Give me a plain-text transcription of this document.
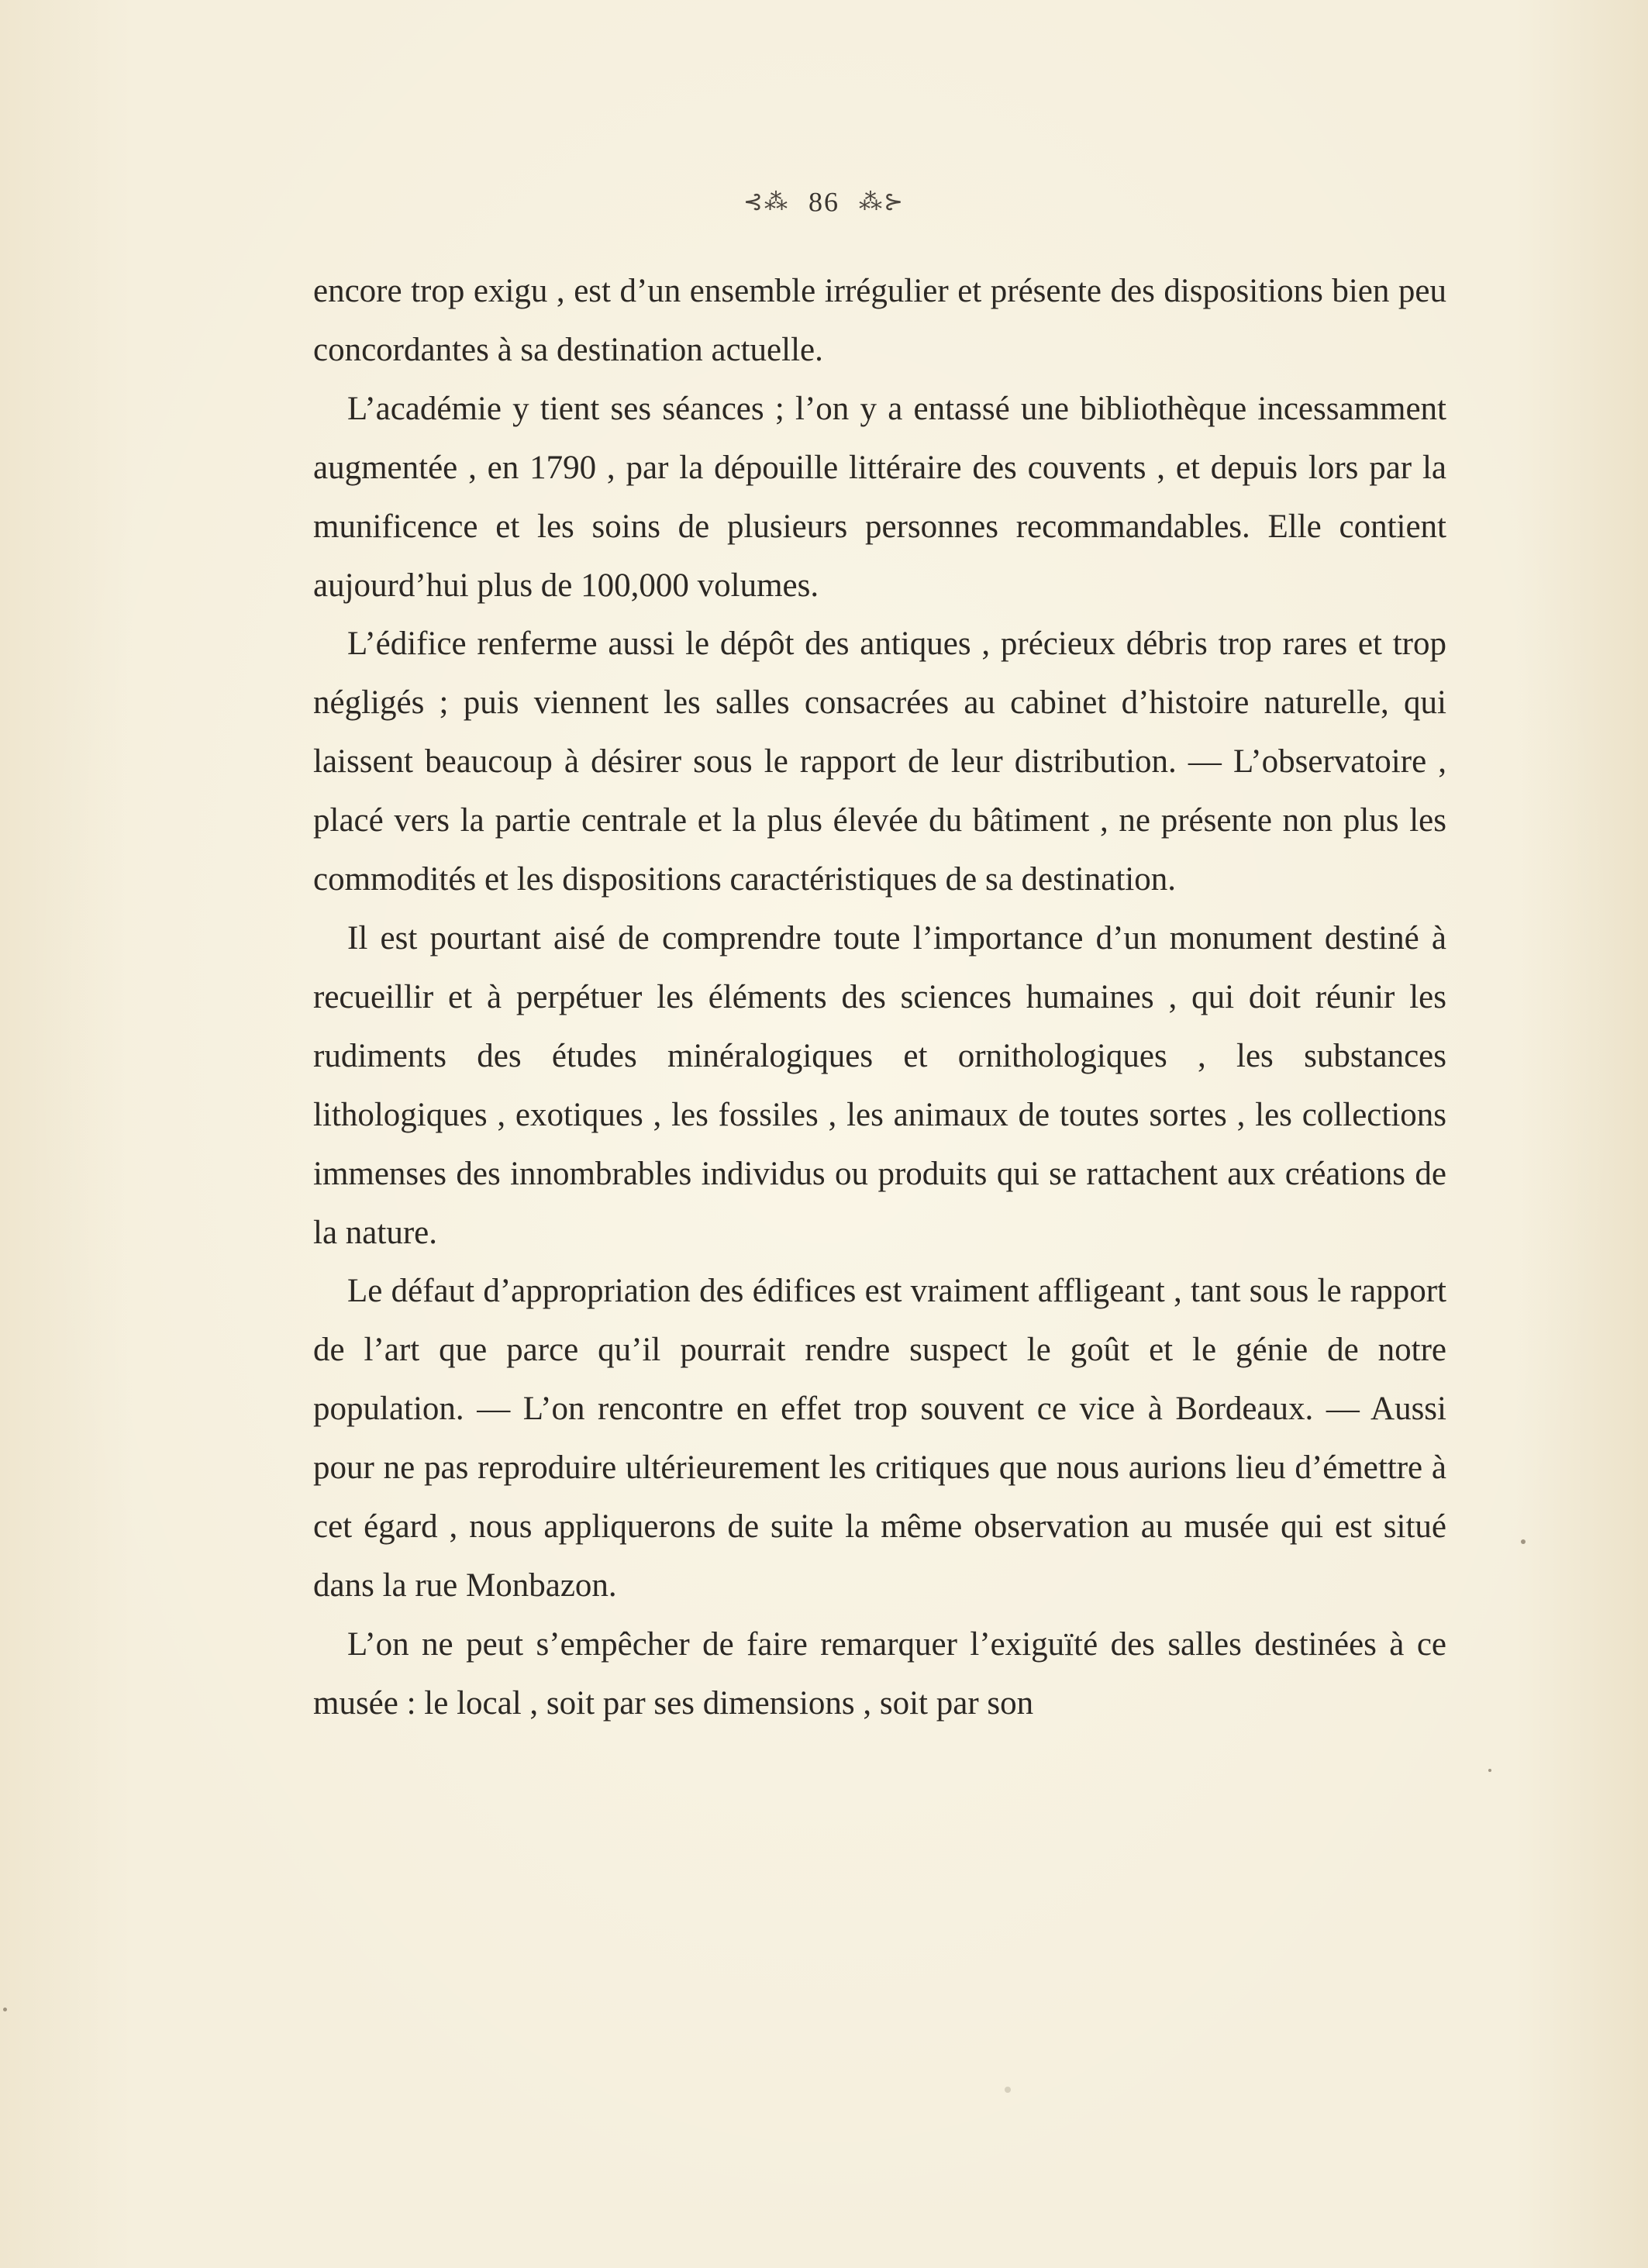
⊰⁂ 86 ⁂⊱

encore trop exigu , est d’un ensemble irrégulier et présente des dispositions bien peu concordantes à sa destination actuelle.

L’académie y tient ses séances ; l’on y a entassé une bibliothèque incessamment augmentée , en 1790 , par la dépouille littéraire des couvents , et depuis lors par la munificence et les soins de plusieurs personnes recommandables. Elle contient aujourd’hui plus de 100,000 volumes.

L’édifice renferme aussi le dépôt des antiques , précieux débris trop rares et trop négligés ; puis viennent les salles consacrées au cabinet d’histoire naturelle, qui laissent beaucoup à désirer sous le rapport de leur distribution. — L’observatoire , placé vers la partie centrale et la plus élevée du bâtiment , ne présente non plus les commodités et les dispositions caractéristiques de sa destination.

Il est pourtant aisé de comprendre toute l’importance d’un monument destiné à recueillir et à perpétuer les éléments des sciences humaines , qui doit réunir les rudiments des études minéralogiques et ornithologiques , les substances lithologiques , exotiques , les fossiles , les animaux de toutes sortes , les collections immenses des innombrables individus ou produits qui se rattachent aux créations de la nature.

Le défaut d’appropriation des édifices est vraiment affligeant , tant sous le rapport de l’art que parce qu’il pourrait rendre suspect le goût et le génie de notre population. — L’on rencontre en effet trop souvent ce vice à Bordeaux. — Aussi pour ne pas reproduire ultérieurement les critiques que nous aurions lieu d’émettre à cet égard , nous appliquerons de suite la même observation au musée qui est situé dans la rue Monbazon.

L’on ne peut s’empêcher de faire remarquer l’exiguïté des salles destinées à ce musée : le local , soit par ses dimensions , soit par son
